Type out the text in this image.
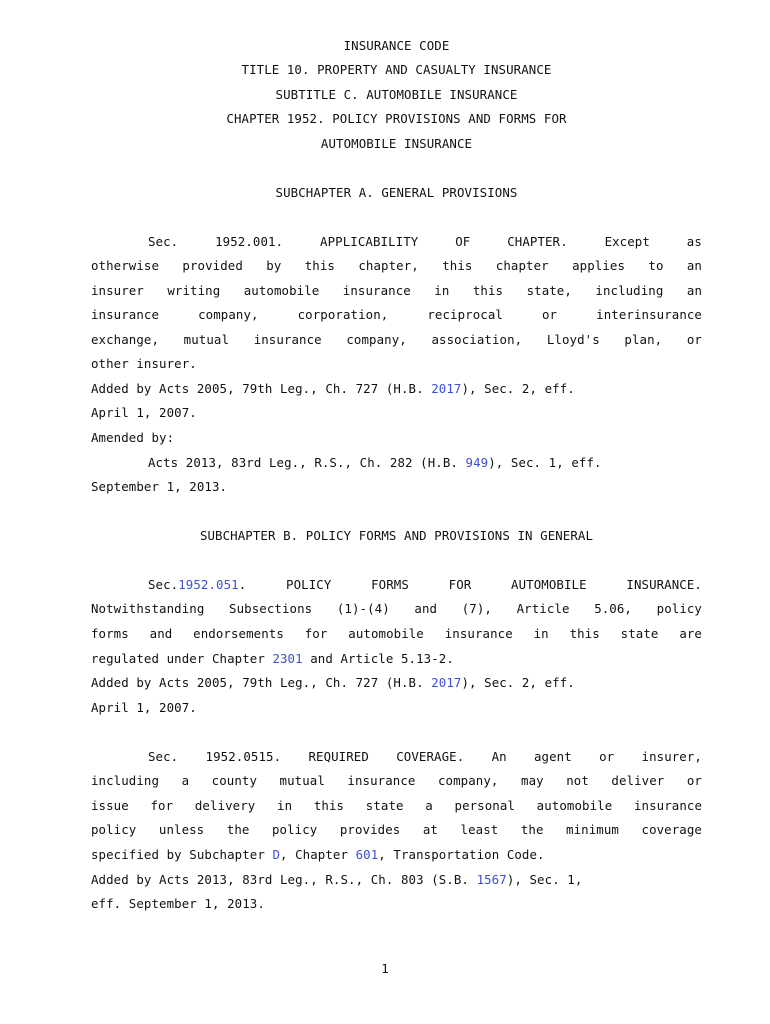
INSURANCE CODE
TITLE 10. PROPERTY AND CASUALTY INSURANCE
SUBTITLE C. AUTOMOBILE INSURANCE
CHAPTER 1952. POLICY PROVISIONS AND FORMS FOR
AUTOMOBILE INSURANCE
SUBCHAPTER A. GENERAL PROVISIONS
Sec.	1952.001.	APPLICABILITY	OF	CHAPTER.	Except	as
otherwise provided by this chapter, this chapter applies to an
insurer writing automobile insurance in this state, including an
insurance company, corporation, reciprocal or interinsurance
exchange, mutual insurance company, association, Lloyd's plan, or
other insurer.
Added by Acts 2005, 79th Leg., Ch. 727 (H.B. 2017), Sec. 2, eff.
April 1, 2007.
Amended by:
Acts 2013, 83rd Leg., R.S., Ch. 282 (H.B. 949), Sec. 1, eff.
September 1, 2013.
SUBCHAPTER B. POLICY FORMS AND PROVISIONS IN GENERAL
Sec. 1952.051 . POLICY FORMS FOR AUTOMOBILE INSURANCE.
Notwithstanding Subsections (1)-(4) and (7), Article 5.06, policy
forms and endorsements for automobile insurance in this state are
regulated under Chapter 2301 and Article 5.13-2.
Added by Acts 2005, 79th Leg., Ch. 727 (H.B. 2017), Sec. 2, eff.
April 1, 2007.
Sec. 1952.0515. REQUIRED COVERAGE. An agent or insurer,
including a county mutual insurance company, may not deliver or
issue for delivery in this state a personal automobile insurance
policy unless the policy provides at least the minimum coverage
specified by Subchapter D, Chapter 601, Transportation Code.
Added by Acts 2013, 83rd Leg., R.S., Ch. 803 (S.B. 1567), Sec. 1,
eff. September 1, 2013.
1
